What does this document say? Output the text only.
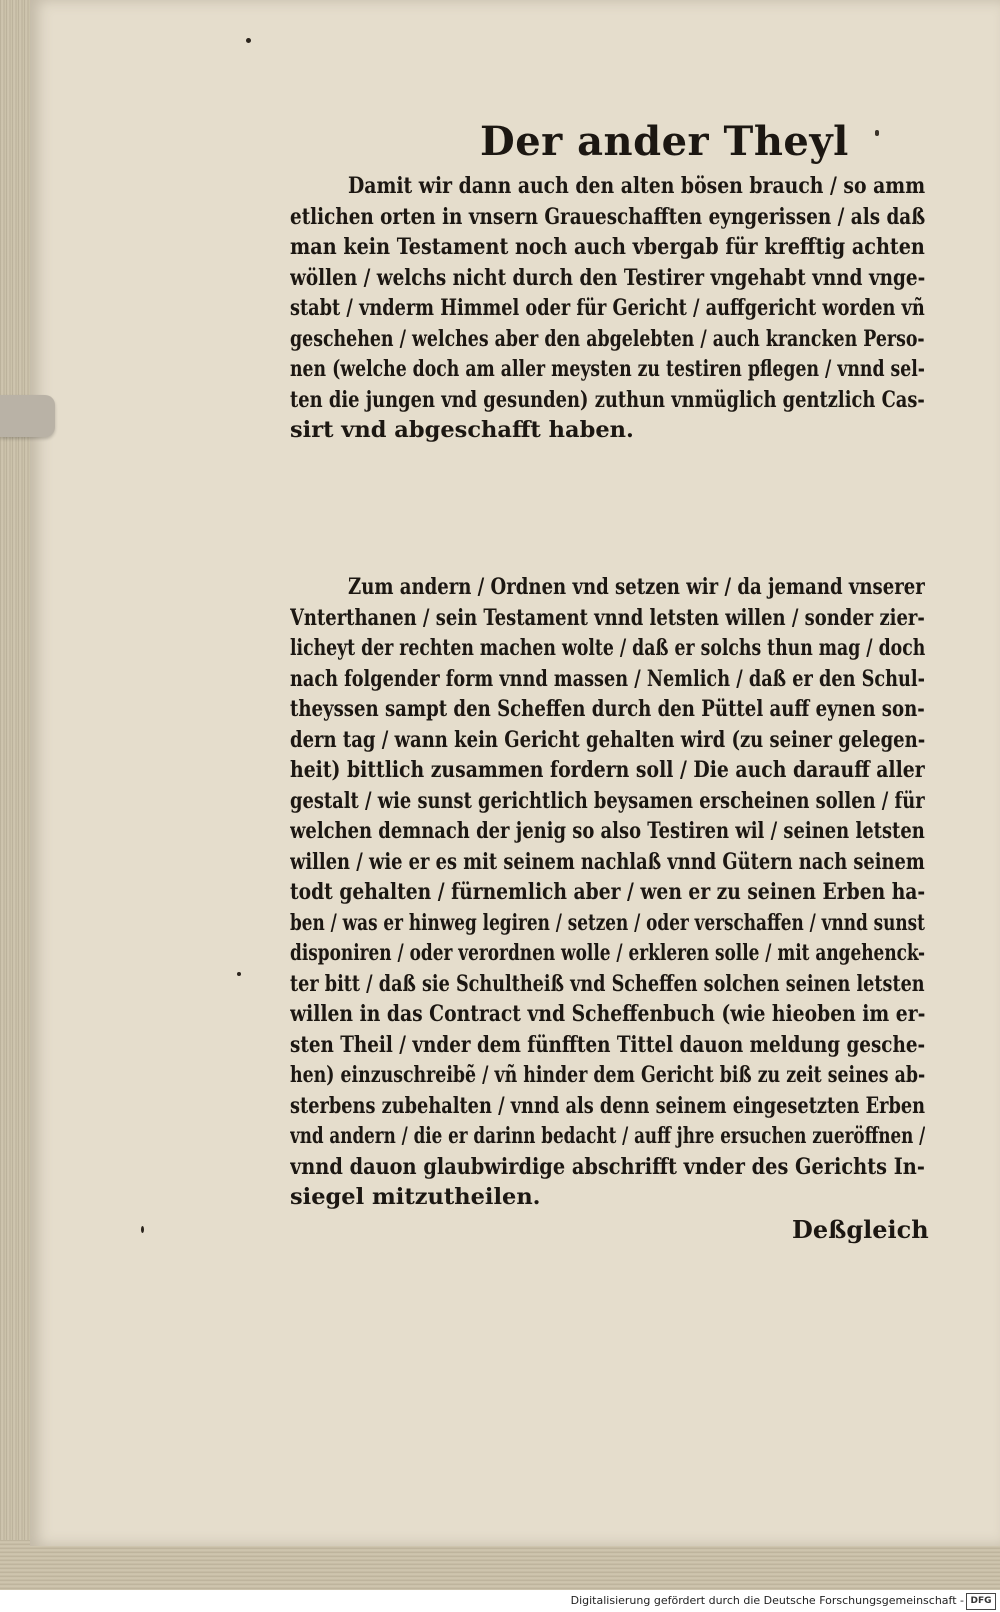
Der ander Theyl
Damit wir dann auch den alten bösen brauch / so amm
etlichen orten in vnsern Graueschafften eyngerissen / als daß
man kein Testament noch auch vbergab für krefftig achten
wöllen / welchs nicht durch den Testirer vngehabt vnnd vnge-
stabt / vnderm Himmel oder für Gericht / auffgericht worden vñ
geschehen / welches aber den abgelebten / auch krancken Perso-
nen (welche doch am aller meysten zu testiren pflegen / vnnd sel-
ten die jungen vnd gesunden) zuthun vnmüglich gentzlich Cas-
sirt vnd abgeschafft haben.
Zum andern / Ordnen vnd setzen wir / da jemand vnserer
Vnterthanen / sein Testament vnnd letsten willen / sonder zier-
lichеyt der rechten machen wolte / daß er solchs thun mag / doch
nach folgender form vnnd massen / Nemlich / daß er den Schul-
theyssen sampt den Scheffen durch den Püttel auff eynen son-
dern tag / wann kein Gericht gehalten wird (zu seiner gelegen-
heit) bittlich zusammen fordern soll / Die auch darauff aller
gestalt / wie sunst gerichtlich beysamen erscheinen sollen / für
welchen demnach der jenig so also Testiren wil / seinen letsten
willen / wie er es mit seinem nachlaß vnnd Gütern nach seinem
todt gehalten / fürnemlich aber / wen er zu seinen Erben ha-
ben / was er hinweg legiren / setzen / oder verschaffen / vnnd sunst
disponiren / oder verordnen wolle / erkleren solle / mit angehenck-
ter bitt / daß sie Schultheiß vnd Scheffen solchen seinen letsten
willen in das Contract vnd Scheffenbuch (wie hieoben im er-
sten Theil / vnder dem fünfften Tittel dauon meldung gesche-
hen) einzuschreibẽ / vñ hinder dem Gericht biß zu zeit seines ab-
sterbens zubehalten / vnnd als denn seinem eingesetzten Erben
vnd andern / die er darinn bedacht / auff jhre ersuchen zueröffnen /
vnnd dauon glaubwirdige abschrifft vnder des Gerichts In-
siegel mitzutheilen.
Deßgleich
Digitalisierung gefördert durch die Deutsche Forschungsgemeinschaft - DFG
